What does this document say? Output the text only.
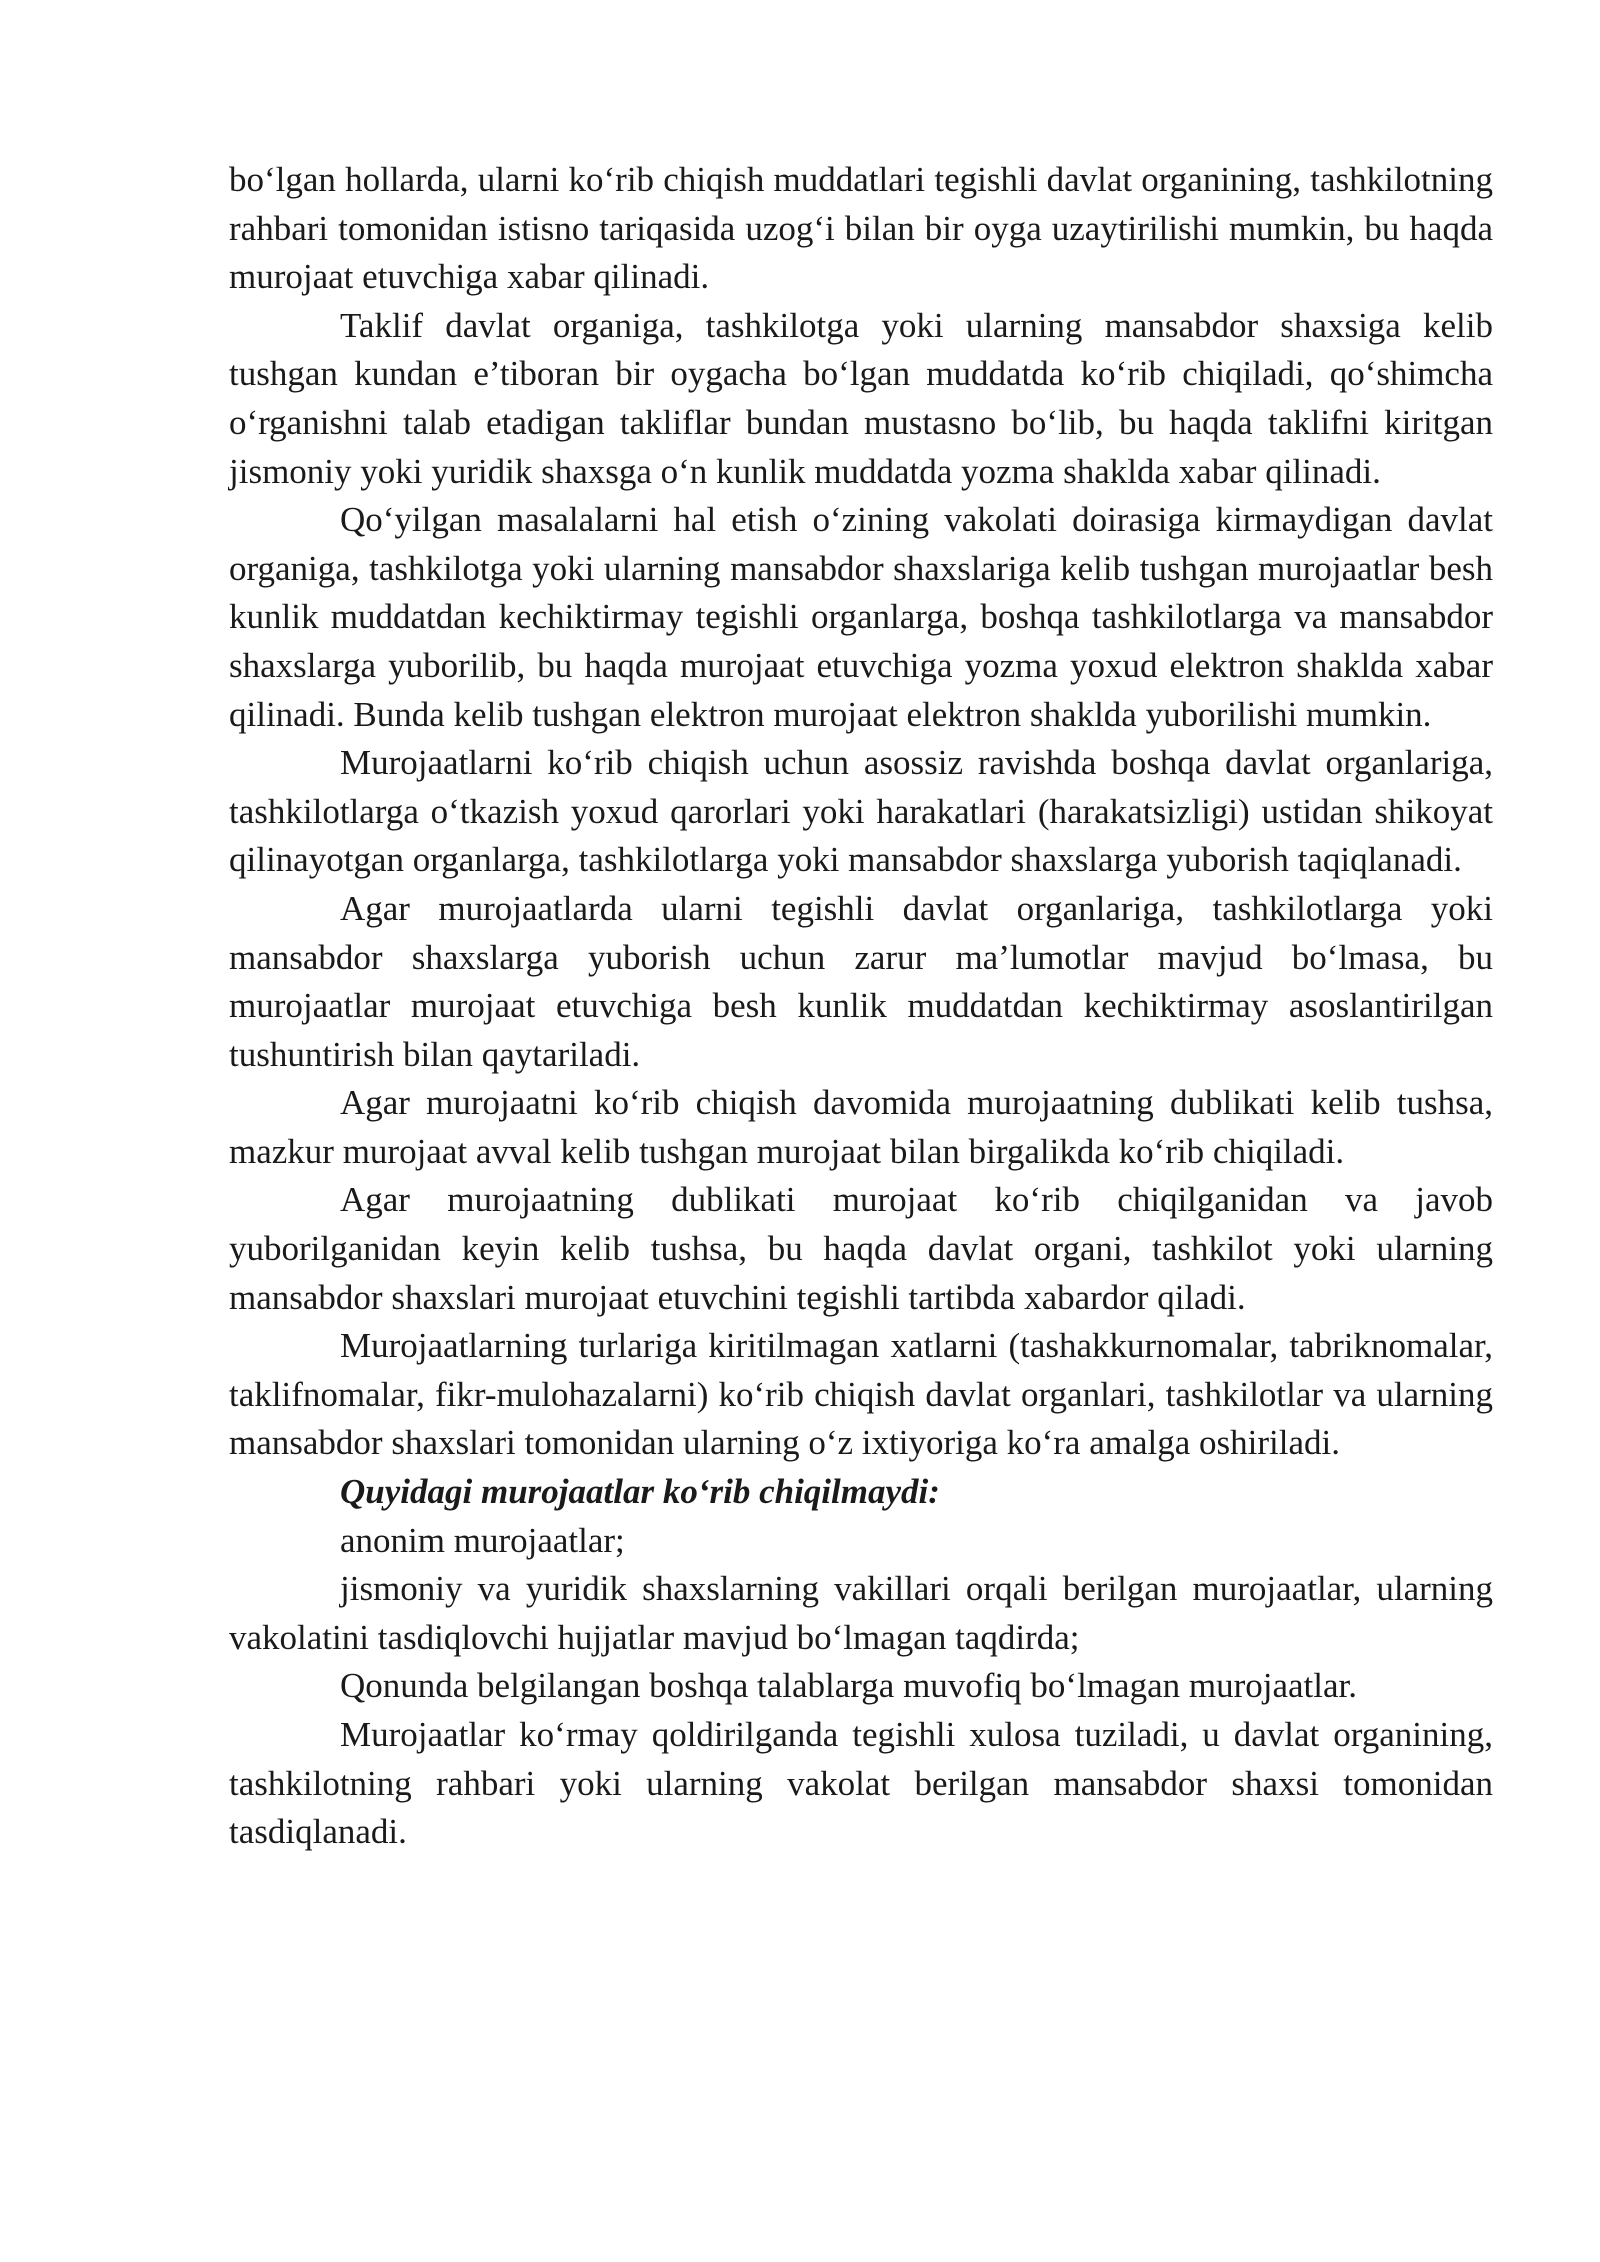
bo‘lgan hollarda, ularni ko‘rib chiqish muddatlari tegishli davlat organining, tashkilotning rahbari tomonidan istisno tariqasida uzog‘i bilan bir oyga uzaytirilishi mumkin, bu haqda murojaat etuvchiga xabar qilinadi.

Taklif davlat organiga, tashkilotga yoki ularning mansabdor shaxsiga kelib tushgan kundan e’tiboran bir oygacha bo‘lgan muddatda ko‘rib chiqiladi, qo‘shimcha o‘rganishni talab etadigan takliflar bundan mustasno bo‘lib, bu haqda taklifni kiritgan jismoniy yoki yuridik shaxsga o‘n kunlik muddatda yozma shaklda xabar qilinadi.

Qo‘yilgan masalalarni hal etish o‘zining vakolati doirasiga kirmaydigan davlat organiga, tashkilotga yoki ularning mansabdor shaxslariga kelib tushgan murojaatlar besh kunlik muddatdan kechiktirmay tegishli organlarga, boshqa tashkilotlarga va mansabdor shaxslarga yuborilib, bu haqda murojaat etuvchiga yozma yoxud elektron shaklda xabar qilinadi. Bunda kelib tushgan elektron murojaat elektron shaklda yuborilishi mumkin.

Murojaatlarni ko‘rib chiqish uchun asossiz ravishda boshqa davlat organlariga, tashkilotlarga o‘tkazish yoxud qarorlari yoki harakatlari (harakatsizligi) ustidan shikoyat qilinayotgan organlarga, tashkilotlarga yoki mansabdor shaxslarga yuborish taqiqlanadi.

Agar murojaatlarda ularni tegishli davlat organlariga, tashkilotlarga yoki mansabdor shaxslarga yuborish uchun zarur ma’lumotlar mavjud bo‘lmasa, bu murojaatlar murojaat etuvchiga besh kunlik muddatdan kechiktirmay asoslantirilgan tushuntirish bilan qaytariladi.

Agar murojaatni ko‘rib chiqish davomida murojaatning dublikati kelib tushsa, mazkur murojaat avval kelib tushgan murojaat bilan birgalikda ko‘rib chiqiladi.

Agar murojaatning dublikati murojaat ko‘rib chiqilganidan va javob yuborilganidan keyin kelib tushsa, bu haqda davlat organi, tashkilot yoki ularning mansabdor shaxslari murojaat etuvchini tegishli tartibda xabardor qiladi.

Murojaatlarning turlariga kiritilmagan xatlarni (tashakkurnomalar, tabriknomalar, taklifnomalar, fikr-mulohazalarni) ko‘rib chiqish davlat organlari, tashkilotlar va ularning mansabdor shaxslari tomonidan ularning o‘z ixtiyoriga ko‘ra amalga oshiriladi.

Quyidagi murojaatlar ko‘rib chiqilmaydi:

anonim murojaatlar;

jismoniy va yuridik shaxslarning vakillari orqali berilgan murojaatlar, ularning vakolatini tasdiqlovchi hujjatlar mavjud bo‘lmagan taqdirda;

Qonunda belgilangan boshqa talablarga muvofiq bo‘lmagan murojaatlar.

Murojaatlar ko‘rmay qoldirilganda tegishli xulosa tuziladi, u davlat organining, tashkilotning rahbari yoki ularning vakolat berilgan mansabdor shaxsi tomonidan tasdiqlanadi.
